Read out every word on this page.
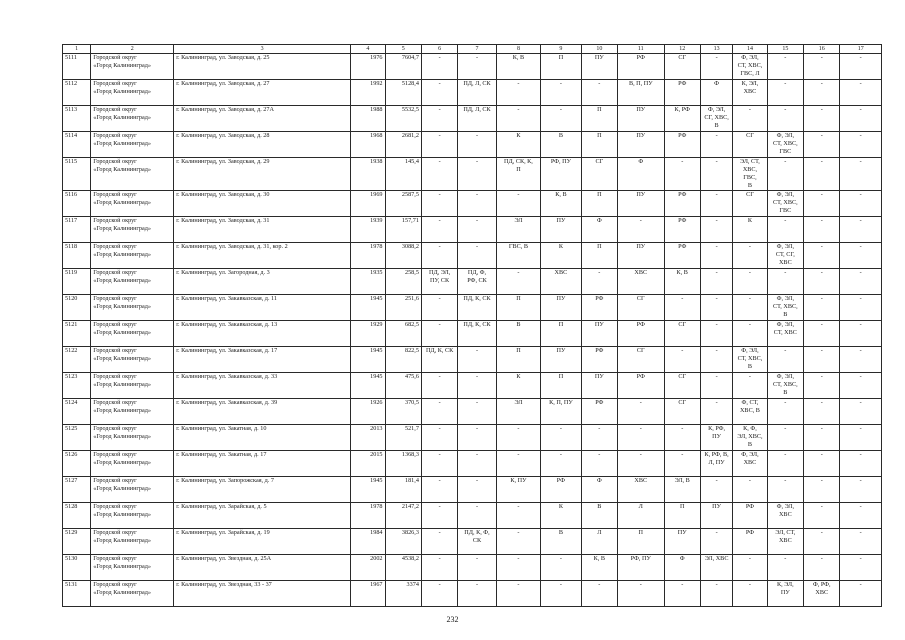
1	2	3	4	5	6	7	8	9	10	11	12	13	14	15	16	17
5111	Городской округ
«Город Калининград»	г. Калининград, ул. Заводская, д. 25	1976	7604,7	-	-	К, В	П	ПУ	РФ	СГ	-	Ф, ЭЛ,
СТ, ХВС,
ГВС, Л	-	-	-
5112	Городской округ
«Город Калининград»	г. Калининград, ул. Заводская, д. 27	1992	5128,4	-	ПД, Л, СК	-	-	-	В, П, ПУ	РФ	Ф	К, ЭЛ,
ХВС	-	-	-
5113	Городской округ
«Город Калининград»	г. Калининград, ул. Заводская, д. 27А	1988	5532,5	-	ПД, Л, СК	-	-	П	ПУ	К, РФ	Ф, ЭЛ,
СГ, ХВС,
В	-	-	-	-
5114	Городской округ
«Город Калининград»	г. Калининград, ул. Заводская, д. 28	1968	2681,2	-	-	К	В	П	ПУ	РФ	-	СГ	Ф, ЭЛ,
СТ, ХВС,
ГВС	-	-
5115	Городской округ
«Город Калининград»	г. Калининград, ул. Заводская, д. 29	1938	145,4	-	-	ПД, СК, К,
П	РФ, ПУ	СГ	Ф	-	-	ЭЛ, СТ,
ХВС,
ГВС,
В	-	-	-
5116	Городской округ
«Город Калининград»	г. Калининград, ул. Заводская, д. 30	1969	2587,5	-	-	-	К, В	П	ПУ	РФ	-	СГ	Ф, ЭЛ,
СТ, ХВС,
ГВС	-	-
5117	Городской округ
«Город Калининград»	г. Калининград, ул. Заводская, д. 31	1939	157,71	-	-	ЭЛ	ПУ	Ф	-	РФ	-	К	-	-	-
5118	Городской округ
«Город Калининград»	г. Калининград, ул. Заводская, д. 31, кор. 2	1978	3088,2	-	-	ГВС, В	К	П	ПУ	РФ	-	-	Ф, ЭЛ,
СТ, СГ,
ХВС	-	-
5119	Городской округ
«Город Калининград»	г. Калининград, ул. Загородная, д. 3	1935	258,5	ПД, ЭЛ,
ПУ, СК	ПД, Ф,
РФ, СК	-	ХВС	-	ХВС	К, В	-	-	-	-	-
5120	Городской округ
«Город Калининград»	г. Калининград, ул. Закавказская, д. 11	1945	251,6	-	ПД, К, СК	П	ПУ	РФ	СГ	-	-	-	Ф, ЭЛ,
СТ, ХВС,
В	-	-
5121	Городской округ
«Город Калининград»	г. Калининград, ул. Закавказская, д. 13	1929	682,5	-	ПД, К, СК	В	П	ПУ	РФ	СГ	-	-	Ф, ЭЛ,
СТ, ХВС	-	-
5122	Городской округ
«Город Калининград»	г. Калининград, ул. Закавказская, д. 17	1945	822,5	ПД, К, СК	-	П	ПУ	РФ	СГ	-	-	Ф, ЭЛ,
СТ, ХВС,
В	-	-	-
5123	Городской округ
«Город Калининград»	г. Калининград, ул. Закавказская, д. 33	1945	475,6	-	-	К	П	ПУ	РФ	СГ	-	-	Ф, ЭЛ,
СТ, ХВС,
В	-	-
5124	Городской округ
«Город Калининград»	г. Калининград, ул. Закавказская, д. 39	1926	370,5	-	-	ЭЛ	К, П, ПУ	РФ	-	СГ	-	Ф, СТ,
ХВС, В	-	-	-
5125	Городской округ
«Город Калининград»	г. Калининград, ул. Закатная, д. 10	2013	521,7	-	-	-	-	-	-	-	К, РФ,
ПУ	К, Ф,
ЭЛ, ХВС,
В	-	-	-
5126	Городской округ
«Город Калининград»	г. Калининград, ул. Закатная, д. 17	2015	1368,3	-	-	-	-	-	-	-	К, РФ, В,
Л, ПУ	Ф, ЭЛ,
ХВС	-	-	-
5127	Городской округ
«Город Калининград»	г. Калининград, ул. Запорожская, д. 7	1945	181,4	-	-	К, ПУ	РФ	Ф	ХВС	ЭЛ, В	-	-	-	-	-
5128	Городской округ
«Город Калининград»	г. Калининград, ул. Зарайская, д. 5	1978	2147,2	-	-	-	К	В	Л	П	ПУ	РФ	Ф, ЭЛ,
ХВС	-	-
5129	Городской округ
«Город Калининград»	г. Калининград, ул. Зарайская, д. 19	1984	3826,3	-	ПД, К, Ф,
СК	-	В	Л	П	ПУ	-	РФ	ЭЛ, СТ,
ХВС	-	-
5130	Городской округ
«Город Калининград»	г. Калининград, ул. Звездная, д. 25А	2002	4538,2	-	-	-	-	К, В	РФ, ПУ	Ф	ЭЛ, ХВС	-	-	-	-
5131	Городской округ
«Город Калининград»	г. Калининград, ул. Звездная, 33 - 37	1967	3374	-	-	-	-	-	-	-	-	-	К, ЭЛ,
ПУ	Ф, РФ,
ХВС	-
232
